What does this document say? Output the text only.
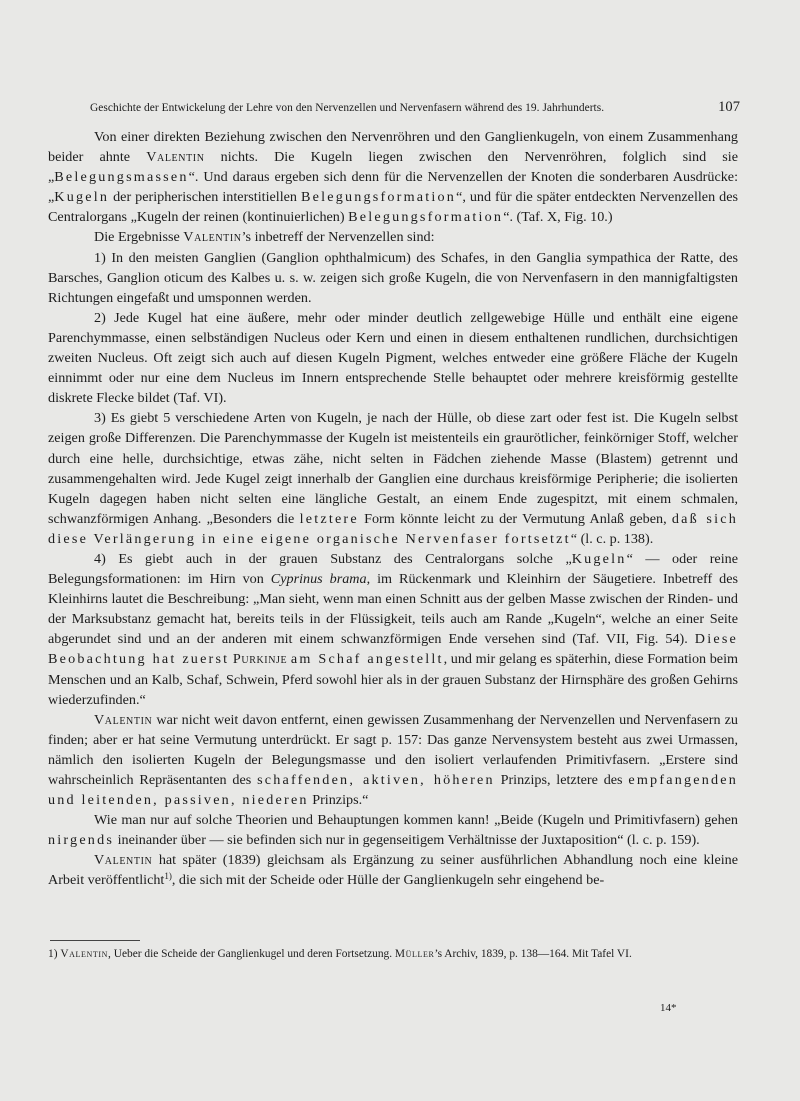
Geschichte der Entwickelung der Lehre von den Nervenzellen und Nervenfasern während des 19. Jahrhunderts.	107

Von einer direkten Beziehung zwischen den Nervenröhren und den Ganglienkugeln, von einem Zusammenhang beider ahnte Valentin nichts. Die Kugeln liegen zwischen den Nervenröhren, folglich sind sie „Belegungsmassen“. Und daraus ergeben sich denn für die Nervenzellen der Knoten die sonderbaren Ausdrücke: „Kugeln der peripherischen interstitiellen Belegungsformation“, und für die später entdeckten Nervenzellen des Centralorgans „Kugeln der reinen (kontinuierlichen) Belegungsformation“. (Taf. X, Fig. 10.)

Die Ergebnisse Valentin’s inbetreff der Nervenzellen sind:

1) In den meisten Ganglien (Ganglion ophthalmicum) des Schafes, in den Ganglia sympathica der Ratte, des Barsches, Ganglion oticum des Kalbes u. s. w. zeigen sich große Kugeln, die von Nervenfasern in den mannigfaltigsten Richtungen eingefaßt und umsponnen werden.

2) Jede Kugel hat eine äußere, mehr oder minder deutlich zellgewebige Hülle und enthält eine eigene Parenchymmasse, einen selbständigen Nucleus oder Kern und einen in diesem enthaltenen rundlichen, durchsichtigen zweiten Nucleus. Oft zeigt sich auch auf diesen Kugeln Pigment, welches entweder eine größere Fläche der Kugeln einnimmt oder nur eine dem Nucleus im Innern entsprechende Stelle behauptet oder mehrere kreisförmig gestellte diskrete Flecke bildet (Taf. VI).

3) Es giebt 5 verschiedene Arten von Kugeln, je nach der Hülle, ob diese zart oder fest ist. Die Kugeln selbst zeigen große Differenzen. Die Parenchymmasse der Kugeln ist meistenteils ein graurötlicher, feinkörniger Stoff, welcher durch eine helle, durchsichtige, etwas zähe, nicht selten in Fädchen ziehende Masse (Blastem) getrennt und zusammengehalten wird. Jede Kugel zeigt innerhalb der Ganglien eine durchaus kreisförmige Peripherie; die isolierten Kugeln dagegen haben nicht selten eine längliche Gestalt, an einem Ende zugespitzt, mit einem schmalen, schwanzförmigen Anhang. „Besonders die letztere Form könnte leicht zu der Vermutung Anlaß geben, daß sich diese Verlängerung in eine eigene organische Nervenfaser fortsetzt“ (l. c. p. 138).

4) Es giebt auch in der grauen Substanz des Centralorgans solche „Kugeln“ — oder reine Belegungsformationen: im Hirn von Cyprinus brama, im Rückenmark und Kleinhirn der Säugetiere. Inbetreff des Kleinhirns lautet die Beschreibung: „Man sieht, wenn man einen Schnitt aus der gelben Masse zwischen der Rinden- und der Marksubstanz gemacht hat, bereits teils in der Flüssigkeit, teils auch am Rande „Kugeln“, welche an einer Seite abgerundet sind und an der anderen mit einem schwanzförmigen Ende versehen sind (Taf. VII, Fig. 54). Diese Beobachtung hat zuerst Purkinje am Schaf angestellt, und mir gelang es späterhin, diese Formation beim Menschen und an Kalb, Schaf, Schwein, Pferd sowohl hier als in der grauen Substanz der Hirnsphäre des großen Gehirns wiederzufinden.“

Valentin war nicht weit davon entfernt, einen gewissen Zusammenhang der Nervenzellen und Nervenfasern zu finden; aber er hat seine Vermutung unterdrückt. Er sagt p. 157: Das ganze Nervensystem besteht aus zwei Urmassen, nämlich den isolierten Kugeln der Belegungsmasse und den isoliert verlaufenden Primitivfasern. „Erstere sind wahrscheinlich Repräsentanten des schaffenden, aktiven, höheren Prinzips, letztere des empfangenden und leitenden, passiven, niederen Prinzips.“

Wie man nur auf solche Theorien und Behauptungen kommen kann! „Beide (Kugeln und Primitivfasern) gehen nirgends ineinander über — sie befinden sich nur in gegenseitigem Verhältnisse der Juxtaposition“ (l. c. p. 159).

Valentin hat später (1839) gleichsam als Ergänzung zu seiner ausführlichen Abhandlung noch eine kleine Arbeit veröffentlicht$^{1)}$, die sich mit der Scheide oder Hülle der Ganglienkugeln sehr eingehend be-

1) Valentin, Ueber die Scheide der Ganglienkugel und deren Fortsetzung. Müller’s Archiv, 1839, p. 138—164. Mit Tafel VI.
14*
